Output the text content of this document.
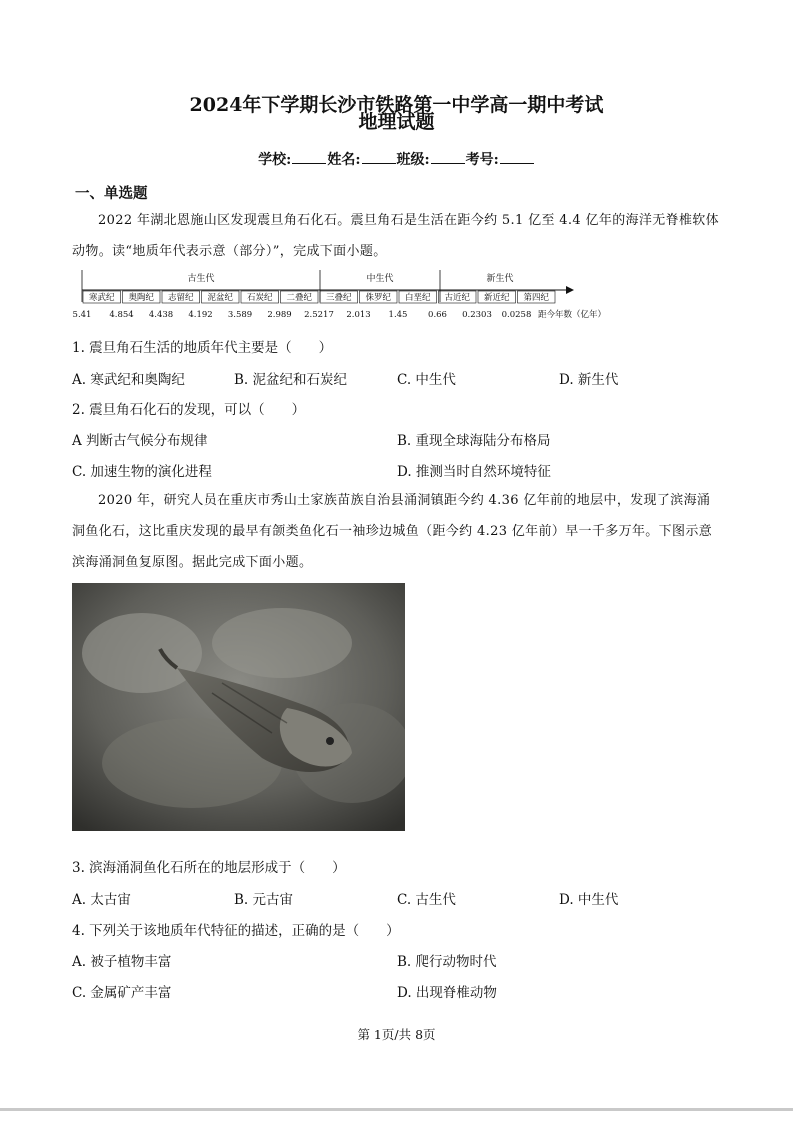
2024年下学期长沙市铁路第一中学高一期中考试
地理试题
学校:	姓名:	班级:	考号:
一、单选题
2022 年湖北恩施山区发现震旦角石化石。震旦角石是生活在距今约 5.1 亿至 4.4 亿年的海洋无脊椎软体动物。读“地质年代表示意（部分）”，完成下面小题。
古生代	中生代	新生代
寒武纪 奥陶纪 志留纪 泥盆纪 石炭纪 二叠纪 三叠纪 侏罗纪 白垩纪 古近纪 新近纪 第四纪
5.41 4.854 4.438 4.192 3.589 2.989 2.5217 2.013 1.45 0.66 0.2303 0.0258 距今年数（亿年）
1. 震旦角石生活的地质年代主要是（　　）
A. 寒武纪和奥陶纪	B. 泥盆纪和石炭纪	C. 中生代	D. 新生代
2. 震旦角石化石的发现，可以（　　）
A 判断古气候分布规律	B. 重现全球海陆分布格局
C. 加速生物的演化进程	D. 推测当时自然环境特征
2020 年，研究人员在重庆市秀山土家族苗族自治县涌洞镇距今约 4.36 亿年前的地层中，发现了滨海涌洞鱼化石，这比重庆发现的最早有颌类鱼化石一袖珍边城鱼（距今约 4.23 亿年前）早一千多万年。下图示意滨海涌洞鱼复原图。据此完成下面小题。
3. 滨海涌洞鱼化石所在的地层形成于（　　）
A. 太古宙	B. 元古宙	C. 古生代	D. 中生代
4. 下列关于该地质年代特征的描述，正确的是（　　）
A. 被子植物丰富	B. 爬行动物时代
C. 金属矿产丰富	D. 出现脊椎动物
第 1页/共 8页
